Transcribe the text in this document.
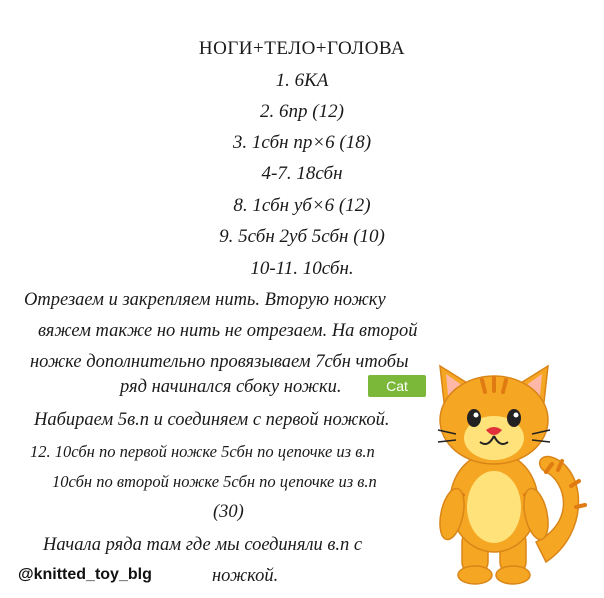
НОГИ+ТЕЛО+ГОЛОВА
1. 6КА
2. 6пр (12)
3. 1сбн пр×6 (18)
4-7. 18сбн
8. 1сбн уб×6 (12)
9. 5сбн 2уб 5сбн (10)
10-11. 10сбн.
Отрезаем и закрепляем нить. Вторую ножку
вяжем также но нить не отрезаем. На второй
ножке дополнительно провязываем 7сбн чтобы
ряд начинался сбоку ножки.	Cat
Набираем 5в.п и соединяем с первой ножкой.
12. 10сбн по первой ножке 5сбн по цепочке из в.п
10сбн по второй ножке 5сбн по цепочке из в.п
(30)
Начала ряда там где мы соединяли в.п с
ножкой.
@knitted_toy_blg
